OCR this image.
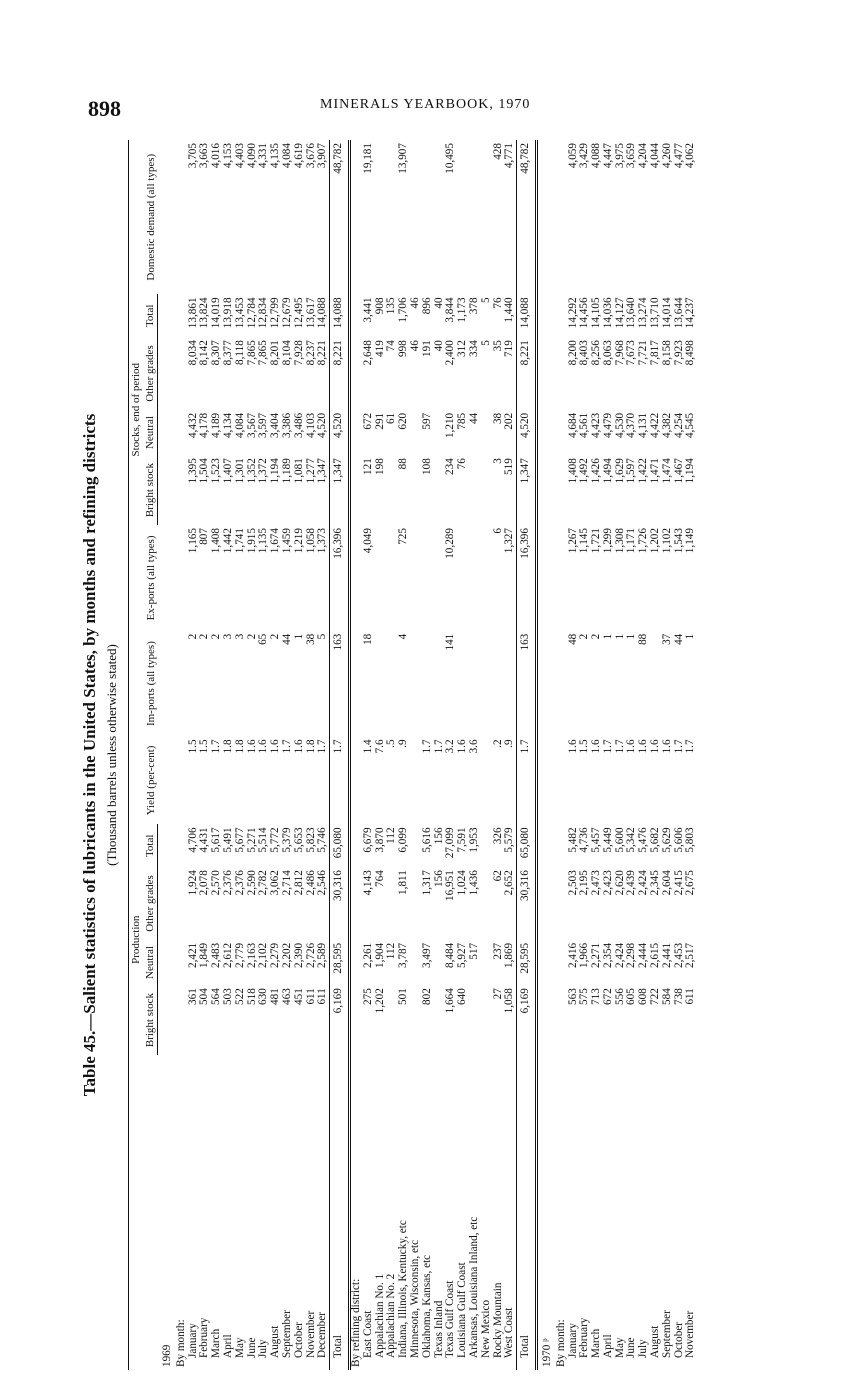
898	MINERALS YEARBOOK, 1970
Table 45.—Salient statistics of lubricants in the United States, by months and refining districts (Thousand barrels unless otherwise stated)
	Production				Yield (per-cent)	Im-ports (all types)	Ex-ports (all types)	Stocks, end of period				Domestic demand (all types)
	Bright stock	Neutral	Other grades	Total				Bright stock	Neutral	Other grades	Total	
1969												
By month:												
January	361	2,421	1,924	4,706	1.5	2	1,165	1,395	4,432	8,034	13,861	3,705
February	504	1,849	2,078	4,431	1.5	2	807	1,504	4,178	8,142	13,824	3,663
March	564	2,483	2,570	5,617	1.7	2	1,408	1,523	4,189	8,307	14,019	4,016
April	503	2,612	2,376	5,491	1.8	3	1,442	1,407	4,134	8,377	13,918	4,153
May	522	2,779	2,376	5,677	1.8	3	1,741	1,301	4,084	8,118	13,453	4,403
June	518	2,163	2,590	5,271	1.6	2	1,915	1,352	3,567	7,865	12,784	4,090
July	630	2,102	2,782	5,514	1.6	65	1,135	1,372	3,597	7,865	12,834	4,331
August	481	2,279	3,062	5,772	1.6	2	1,674	1,194	3,404	8,201	12,799	4,135
September	463	2,202	2,714	5,379	1.7	44	1,459	1,189	3,386	8,104	12,679	4,084
October	451	2,390	2,812	5,653	1.6	1	1,219	1,081	3,486	7,928	12,495	4,619
November	611	2,726	2,486	5,823	1.8	38	1,058	1,277	4,103	8,237	13,617	3,676
December	611	2,589	2,546	5,746	1.7	5	1,373	1,347	4,520	8,221	14,088	3,907
Total	6,169	28,595	30,316	65,080	1.7	163	16,396	1,347	4,520	8,221	14,088	48,782
By refining district:												
East Coast	275	2,261	4,143	6,679	1.4	18	4,049	121	672	2,648	3,441	19,181
Appalachian No. 1	1,202	1,904	764	3,870	7.6			198	291	419	908	
Appalachian No. 2		112		112	.5				61	74	135	
Indiana, Illinois, Kentucky, etc	501	3,787	1,811	6,099	.9	4	725	88	620	998	1,706	13,907
Minnesota, Wisconsin, etc										46	46	
Oklahoma, Kansas, etc	802	3,497	1,317	5,616	1.7			108	597	191	896	
Texas Inland			156	156	1.7					40	40	
Texas Gulf Coast	1,664	8,484	16,951	27,099	3.2	141	10,289	234	1,210	2,400	3,844	10,495
Louisiana Gulf Coast	640	5,927	1,024	7,591	1.6			76	785	312	1,173	
Arkansas, Louisiana Inland, etc		517	1,436	1,953	3.6				44	334	378	
New Mexico										5	5	
Rocky Mountain	27	237	62	326	.2		6	3	38	35	76	428
West Coast	1,058	1,869	2,652	5,579	.9		1,327	519	202	719	1,440	4,771
Total	6,169	28,595	30,316	65,080	1.7	163	16,396	1,347	4,520	8,221	14,088	48,782
1970 ᵖ												
By month:												
January	563	2,416	2,503	5,482	1.6	48	1,267	1,408	4,684	8,200	14,292	4,059
February	575	1,966	2,195	4,736	1.5	2	1,145	1,492	4,561	8,403	14,456	3,429
March	713	2,271	2,473	5,457	1.6	2	1,721	1,426	4,423	8,256	14,105	4,088
April	672	2,354	2,423	5,449	1.7	1	1,299	1,494	4,479	8,063	14,036	4,447
May	556	2,424	2,620	5,600	1.7	1	1,308	1,629	4,530	7,968	14,127	3,975
June	605	2,298	2,439	5,342	1.6	1	1,171	1,597	4,370	7,673	13,640	3,659
July	608	2,444	2,424	5,476	1.6	88	1,726	1,422	4,131	7,721	13,274	4,204
August	722	2,615	2,345	5,682	1.6		1,202	1,471	4,422	7,817	13,710	4,044
September	584	2,441	2,604	5,629	1.6	37	1,102	1,474	4,382	8,158	14,014	4,260
October	738	2,453	2,415	5,606	1.7	44	1,543	1,467	4,254	7,923	13,644	4,477
November	611	2,517	2,675	5,803	1.7	1	1,149	1,194	4,545	8,498	14,237	4,062
